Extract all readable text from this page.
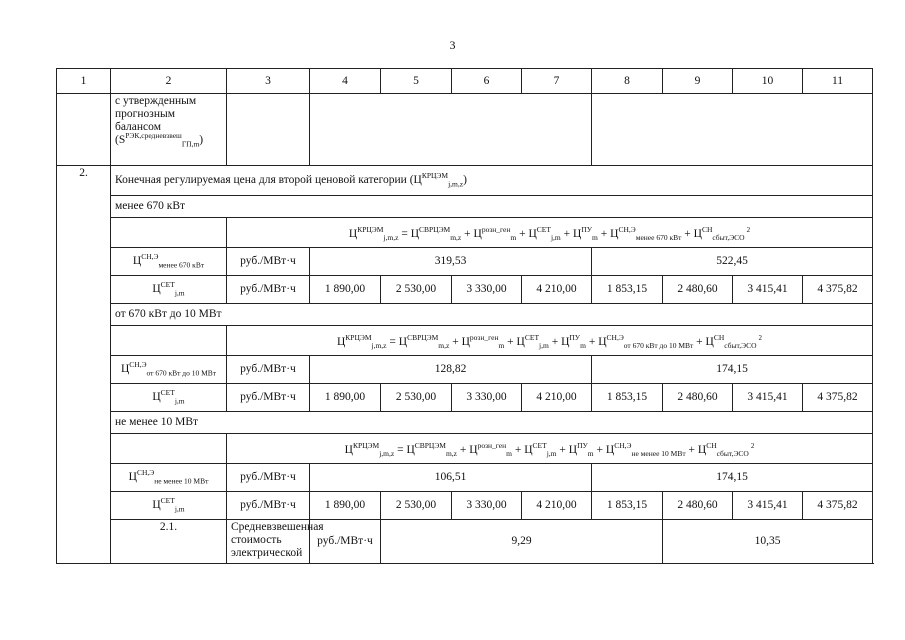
3
1	2	3	4	5	6	7	8	9	10	11

	с утвержденным прогнозным балансом
$(S^{РЭК,средневзвеш}_{ГП,m})$									

2.	Конечная регулируемая цена для второй ценовой категории $(Ц^{КРЦЭМ}_{j,m,z})$									
	менее 670 кВт									
		$Ц^{КРЦЭМ}_{j,m,z} = Ц^{СВРЦЭМ}_{m,z} + Ц^{розн\_ген}_m + Ц^{СЕТ}_{j,m} + Ц^{ПУ}_m + Ц^{СН,Э}_{менее 670 кВт} + Ц^{СН}_{сбыт,ЭСО}^2$
	$Ц^{СН,Э}_{менее 670 кВт}$	руб./МВт·ч	319,53				522,45			
	$Ц^{СЕТ}_{j,m}$	руб./МВт·ч	1 890,00	2 530,00	3 330,00	4 210,00	1 853,15	2 480,60	3 415,41	4 375,82
	от 670 кВт до 10 МВт									
		$Ц^{КРЦЭМ}_{j,m,z} = Ц^{СВРЦЭМ}_{m,z} + Ц^{розн\_ген}_m + Ц^{СЕТ}_{j,m} + Ц^{ПУ}_m + Ц^{СН,Э}_{от 670 кВт до 10 МВт} + Ц^{СН}_{сбыт,ЭСО}^2$
	$Ц^{СН,Э}_{от 670 кВт до 10 МВт}$	руб./МВт·ч	128,82				174,15			
	$Ц^{СЕТ}_{j,m}$	руб./МВт·ч	1 890,00	2 530,00	3 330,00	4 210,00	1 853,15	2 480,60	3 415,41	4 375,82
	не менее 10 МВт									
		$Ц^{КРЦЭМ}_{j,m,z} = Ц^{СВРЦЭМ}_{m,z} + Ц^{розн\_ген}_m + Ц^{СЕТ}_{j,m} + Ц^{ПУ}_m + Ц^{СН,Э}_{не менее 10 МВт} + Ц^{СН}_{сбыт,ЭСО}^2$
	$Ц^{СН,Э}_{не менее 10 МВт}$	руб./МВт·ч	106,51				174,15			
	$Ц^{СЕТ}_{j,m}$	руб./МВт·ч	1 890,00	2 530,00	3 330,00	4 210,00	1 853,15	2 480,60	3 415,41	4 375,82
	2.1.	Средневзвешенная стоимость электрической	руб./МВт·ч	9,29				10,35		
